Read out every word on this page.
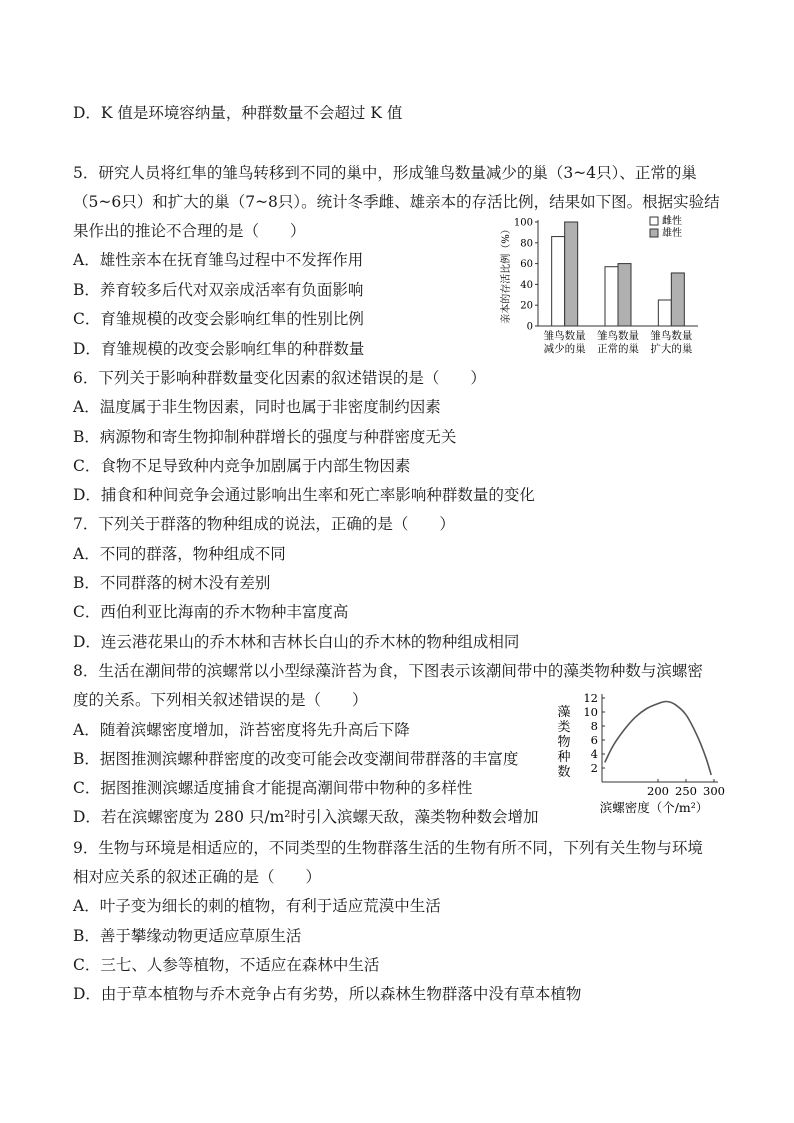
D．K 值是环境容纳量，种群数量不会超过 K 值
5．研究人员将红隼的雏鸟转移到不同的巢中，形成雏鸟数量减少的巢（3~4只）、正常的巢
（5~6只）和扩大的巢（7~8只）。统计冬季雌、雄亲本的存活比例，结果如下图。根据实验结
果作出的推论不合理的是（　　）
A．雄性亲本在抚育雏鸟过程中不发挥作用
B．养育较多后代对双亲成活率有负面影响
C．育雏规模的改变会影响红隼的性别比例
D．育雏规模的改变会影响红隼的种群数量
6．下列关于影响种群数量变化因素的叙述错误的是（　　）
A．温度属于非生物因素，同时也属于非密度制约因素
B．病源物和寄生物抑制种群增长的强度与种群密度无关
C．食物不足导致种内竞争加剧属于内部生物因素
D．捕食和种间竞争会通过影响出生率和死亡率影响种群数量的变化
7．下列关于群落的物种组成的说法，正确的是（　　）
A．不同的群落，物种组成不同
B．不同群落的树木没有差别
C．西伯利亚比海南的乔木物种丰富度高
D．连云港花果山的乔木林和吉林长白山的乔木林的物种组成相同
8．生活在潮间带的滨螺常以小型绿藻浒苔为食，下图表示该潮间带中的藻类物种数与滨螺密
度的关系。下列相关叙述错误的是（　　）
A．随着滨螺密度增加，浒苔密度将先升高后下降
B．据图推测滨螺种群密度的改变可能会改变潮间带群落的丰富度
C．据图推测滨螺适度捕食才能提高潮间带中物种的多样性
D．若在滨螺密度为 280 只/m²时引入滨螺天敌，藻类物种数会增加
9．生物与环境是相适应的，不同类型的生物群落生活的生物有所不同，下列有关生物与环境
相对应关系的叙述正确的是（　　）
A．叶子变为细长的刺的植物，有利于适应荒漠中生活
B．善于攀缘动物更适应草原生活
C．三七、人参等植物，不适应在森林中生活
D．由于草本植物与乔木竞争占有劣势，所以森林生物群落中没有草本植物
亲本的存活比例（%）
0
20
40
60
80
100
雏鸟数量
减少的巢
雏鸟数量
正常的巢
雏鸟数量
扩大的巢
雌性
雄性
藻类物种数 2
4
6
8
10
12
200 250 300
滨螺密度（个/m²）
